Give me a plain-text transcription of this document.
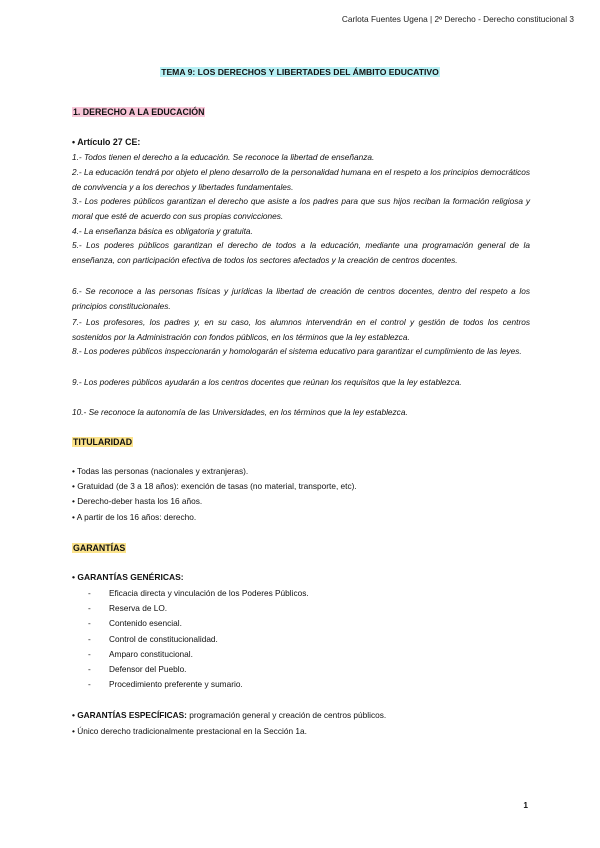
Carlota Fuentes Ugena | 2º Derecho - Derecho constitucional 3
TEMA 9: LOS DERECHOS Y LIBERTADES DEL ÁMBITO EDUCATIVO
1. DERECHO A LA EDUCACIÓN
• Artículo 27 CE:

1.- Todos tienen el derecho a la educación. Se reconoce la libertad de enseñanza.

2.- La educación tendrá por objeto el pleno desarrollo de la personalidad humana en el respeto a los principios democráticos de convivencia y a los derechos y libertades fundamentales.

3.- Los poderes públicos garantizan el derecho que asiste a los padres para que sus hijos reciban la formación religiosa y moral que esté de acuerdo con sus propias convicciones.

4.- La enseñanza básica es obligatoria y gratuita.

5.- Los poderes públicos garantizan el derecho de todos a la educación, mediante una programación general de la enseñanza, con participación efectiva de todos los sectores afectados y la creación de centros docentes.

6.- Se reconoce a las personas físicas y jurídicas la libertad de creación de centros docentes, dentro del respeto a los principios constitucionales.

7.- Los profesores, los padres y, en su caso, los alumnos intervendrán en el control y gestión de todos los centros sostenidos por la Administración con fondos públicos, en los términos que la ley establezca.

8.- Los poderes públicos inspeccionarán y homologarán el sistema educativo para garantizar el cumplimiento de las leyes.

9.- Los poderes públicos ayudarán a los centros docentes que reúnan los requisitos que la ley establezca.

10.- Se reconoce la autonomía de las Universidades, en los términos que la ley establezca.

TITULARIDAD
• Todas las personas (nacionales y extranjeras).
• Gratuidad (de 3 a 18 años): exención de tasas (no material, transporte, etc).
• Derecho-deber hasta los 16 años.
• A partir de los 16 años: derecho.
GARANTÍAS
• GARANTÍAS GENÉRICAS:
- Eficacia directa y vinculación de los Poderes Públicos.
- Reserva de LO.
- Contenido esencial.
- Control de constitucionalidad.
- Amparo constitucional.
- Defensor del Pueblo.
- Procedimiento preferente y sumario.
• GARANTÍAS ESPECÍFICAS: programación general y creación de centros públicos.
• Único derecho tradicionalmente prestacional en la Sección 1a.
1
